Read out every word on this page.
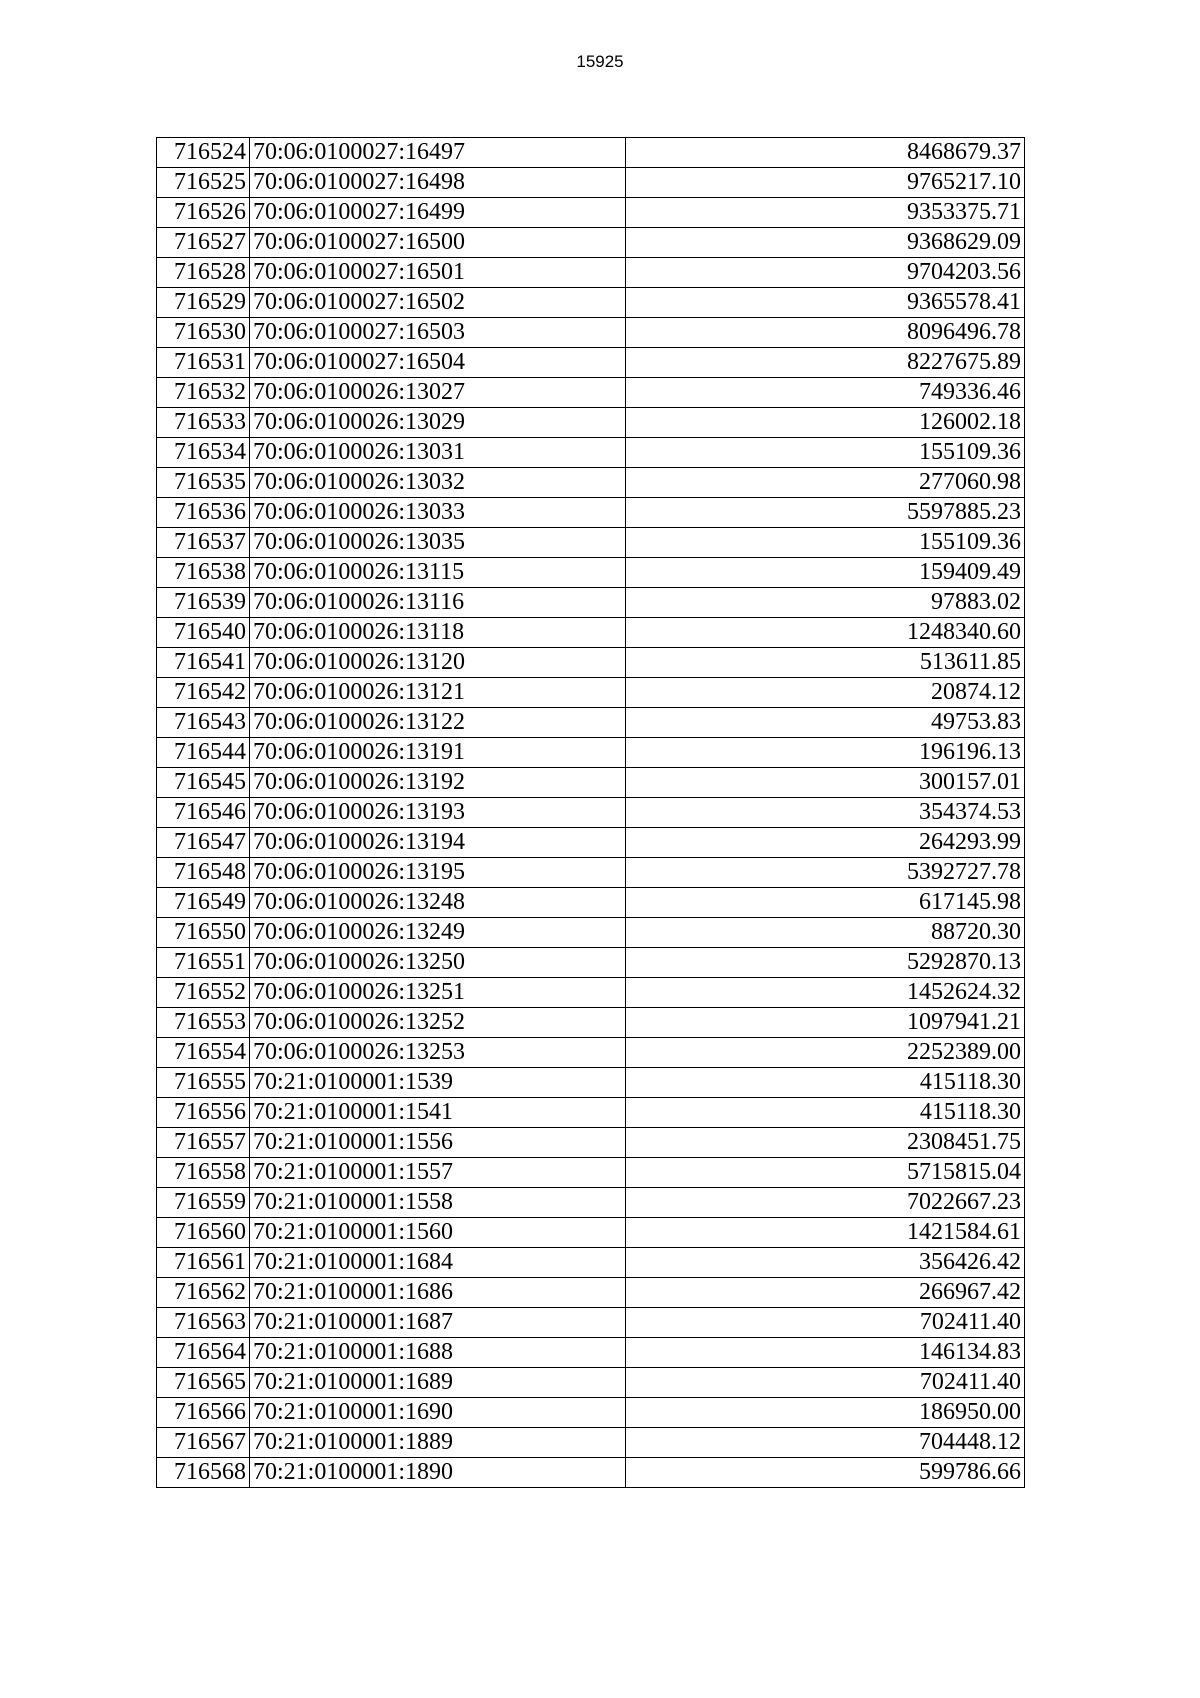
15925
716524	70:06:0100027:16497	8468679.37
716525	70:06:0100027:16498	9765217.10
716526	70:06:0100027:16499	9353375.71
716527	70:06:0100027:16500	9368629.09
716528	70:06:0100027:16501	9704203.56
716529	70:06:0100027:16502	9365578.41
716530	70:06:0100027:16503	8096496.78
716531	70:06:0100027:16504	8227675.89
716532	70:06:0100026:13027	749336.46
716533	70:06:0100026:13029	126002.18
716534	70:06:0100026:13031	155109.36
716535	70:06:0100026:13032	277060.98
716536	70:06:0100026:13033	5597885.23
716537	70:06:0100026:13035	155109.36
716538	70:06:0100026:13115	159409.49
716539	70:06:0100026:13116	97883.02
716540	70:06:0100026:13118	1248340.60
716541	70:06:0100026:13120	513611.85
716542	70:06:0100026:13121	20874.12
716543	70:06:0100026:13122	49753.83
716544	70:06:0100026:13191	196196.13
716545	70:06:0100026:13192	300157.01
716546	70:06:0100026:13193	354374.53
716547	70:06:0100026:13194	264293.99
716548	70:06:0100026:13195	5392727.78
716549	70:06:0100026:13248	617145.98
716550	70:06:0100026:13249	88720.30
716551	70:06:0100026:13250	5292870.13
716552	70:06:0100026:13251	1452624.32
716553	70:06:0100026:13252	1097941.21
716554	70:06:0100026:13253	2252389.00
716555	70:21:0100001:1539	415118.30
716556	70:21:0100001:1541	415118.30
716557	70:21:0100001:1556	2308451.75
716558	70:21:0100001:1557	5715815.04
716559	70:21:0100001:1558	7022667.23
716560	70:21:0100001:1560	1421584.61
716561	70:21:0100001:1684	356426.42
716562	70:21:0100001:1686	266967.42
716563	70:21:0100001:1687	702411.40
716564	70:21:0100001:1688	146134.83
716565	70:21:0100001:1689	702411.40
716566	70:21:0100001:1690	186950.00
716567	70:21:0100001:1889	704448.12
716568	70:21:0100001:1890	599786.66
